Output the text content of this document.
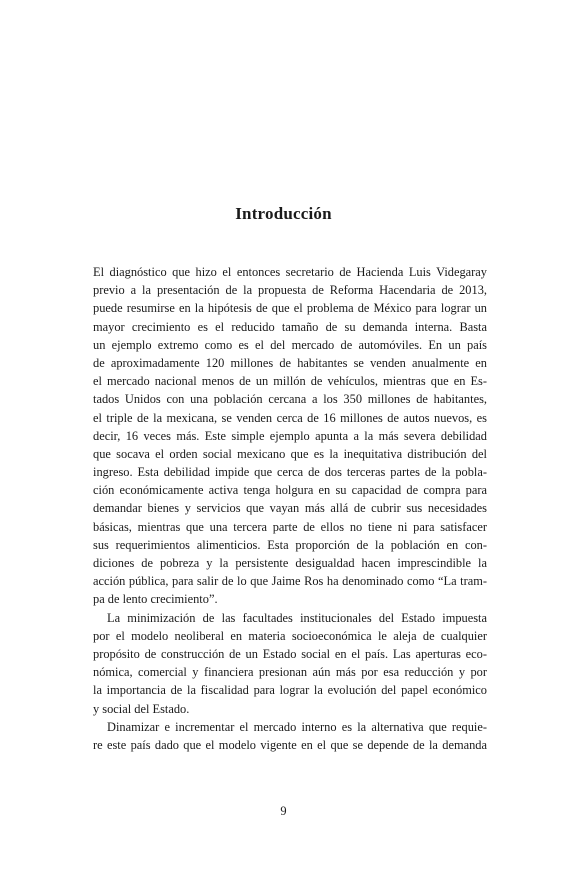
Introducción
El diagnóstico que hizo el entonces secretario de Hacienda Luis Videgaray
previo a la presentación de la propuesta de Reforma Hacendaria de 2013,
puede resumirse en la hipótesis de que el problema de México para lograr un
mayor crecimiento es el reducido tamaño de su demanda interna. Basta
un ejemplo extremo como es el del mercado de automóviles. En un país
de aproximadamente 120 millones de habitantes se venden anualmente en
el mercado nacional menos de un millón de vehículos, mientras que en Es-
tados Unidos con una población cercana a los 350 millones de habitantes,
el triple de la mexicana, se venden cerca de 16 millones de autos nuevos, es
decir, 16 veces más. Este simple ejemplo apunta a la más severa debilidad
que socava el orden social mexicano que es la inequitativa distribución del
ingreso. Esta debilidad impide que cerca de dos terceras partes de la pobla-
ción económicamente activa tenga holgura en su capacidad de compra para
demandar bienes y servicios que vayan más allá de cubrir sus necesidades
básicas, mientras que una tercera parte de ellos no tiene ni para satisfacer
sus requerimientos alimenticios. Esta proporción de la población en con-
diciones de pobreza y la persistente desigualdad hacen imprescindible la
acción pública, para salir de lo que Jaime Ros ha denominado como “La tram-
pa de lento crecimiento”.
La minimización de las facultades institucionales del Estado impuesta
por el modelo neoliberal en materia socioeconómica le aleja de cualquier
propósito de construcción de un Estado social en el país. Las aperturas eco-
nómica, comercial y financiera presionan aún más por esa reducción y por
la importancia de la fiscalidad para lograr la evolución del papel económico
y social del Estado.
Dinamizar e incrementar el mercado interno es la alternativa que requie-
re este país dado que el modelo vigente en el que se depende de la demanda
9
